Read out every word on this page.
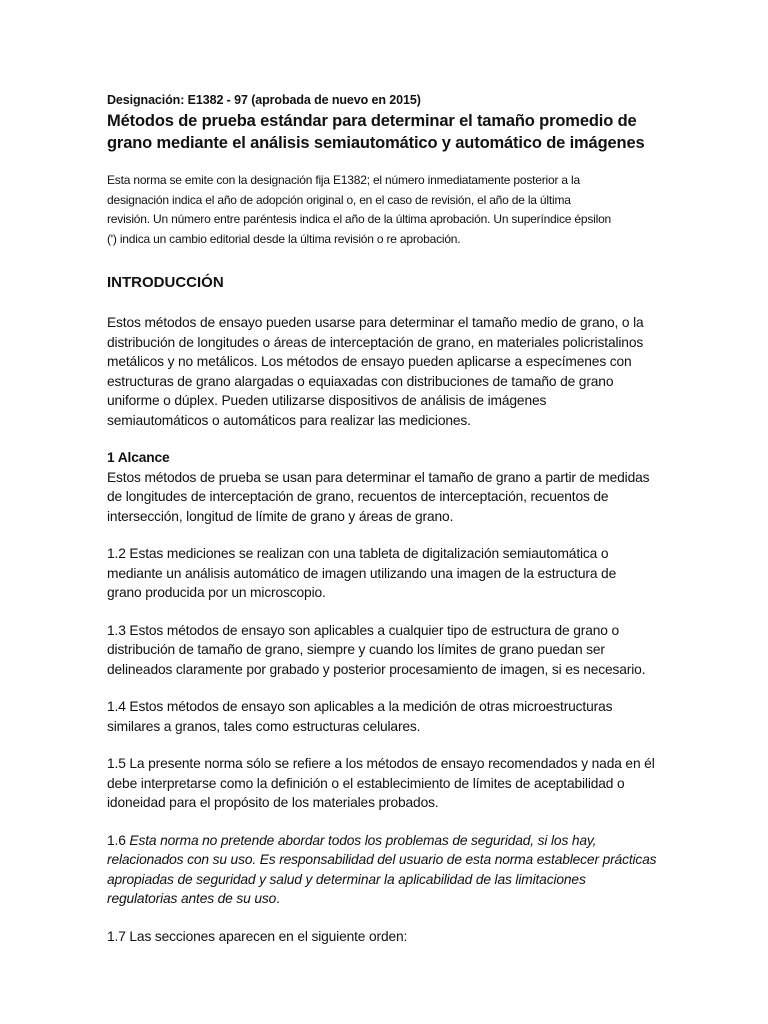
Designación: E1382 - 97 (aprobada de nuevo en 2015)

Métodos de prueba estándar para determinar el tamaño promedio de
grano mediante el análisis semiautomático y automático de imágenes

Esta norma se emite con la designación fija E1382; el número inmediatamente posterior a la
designación indica el año de adopción original o, en el caso de revisión, el año de la última
revisión. Un número entre paréntesis indica el año de la última aprobación. Un superíndice épsilon
(ʹ) indica un cambio editorial desde la última revisión o re aprobación.

INTRODUCCIÓN

Estos métodos de ensayo pueden usarse para determinar el tamaño medio de grano, o la
distribución de longitudes o áreas de interceptación de grano, en materiales policristalinos
metálicos y no metálicos. Los métodos de ensayo pueden aplicarse a especímenes con
estructuras de grano alargadas o equiaxadas con distribuciones de tamaño de grano
uniforme o dúplex. Pueden utilizarse dispositivos de análisis de imágenes
semiautomáticos o automáticos para realizar las mediciones.

1 Alcance

Estos métodos de prueba se usan para determinar el tamaño de grano a partir de medidas
de longitudes de interceptación de grano, recuentos de interceptación, recuentos de
intersección, longitud de límite de grano y áreas de grano.

1.2 Estas mediciones se realizan con una tableta de digitalización semiautomática o
mediante un análisis automático de imagen utilizando una imagen de la estructura de
grano producida por un microscopio.

1.3 Estos métodos de ensayo son aplicables a cualquier tipo de estructura de grano o
distribución de tamaño de grano, siempre y cuando los límites de grano puedan ser
delineados claramente por grabado y posterior procesamiento de imagen, si es necesario.

1.4 Estos métodos de ensayo son aplicables a la medición de otras microestructuras
similares a granos, tales como estructuras celulares.

1.5 La presente norma sólo se refiere a los métodos de ensayo recomendados y nada en él
debe interpretarse como la definición o el establecimiento de límites de aceptabilidad o
idoneidad para el propósito de los materiales probados.

1.6 Esta norma no pretende abordar todos los problemas de seguridad, si los hay,
relacionados con su uso. Es responsabilidad del usuario de esta norma establecer prácticas
apropiadas de seguridad y salud y determinar la aplicabilidad de las limitaciones
regulatorias antes de su uso.

1.7 Las secciones aparecen en el siguiente orden:
